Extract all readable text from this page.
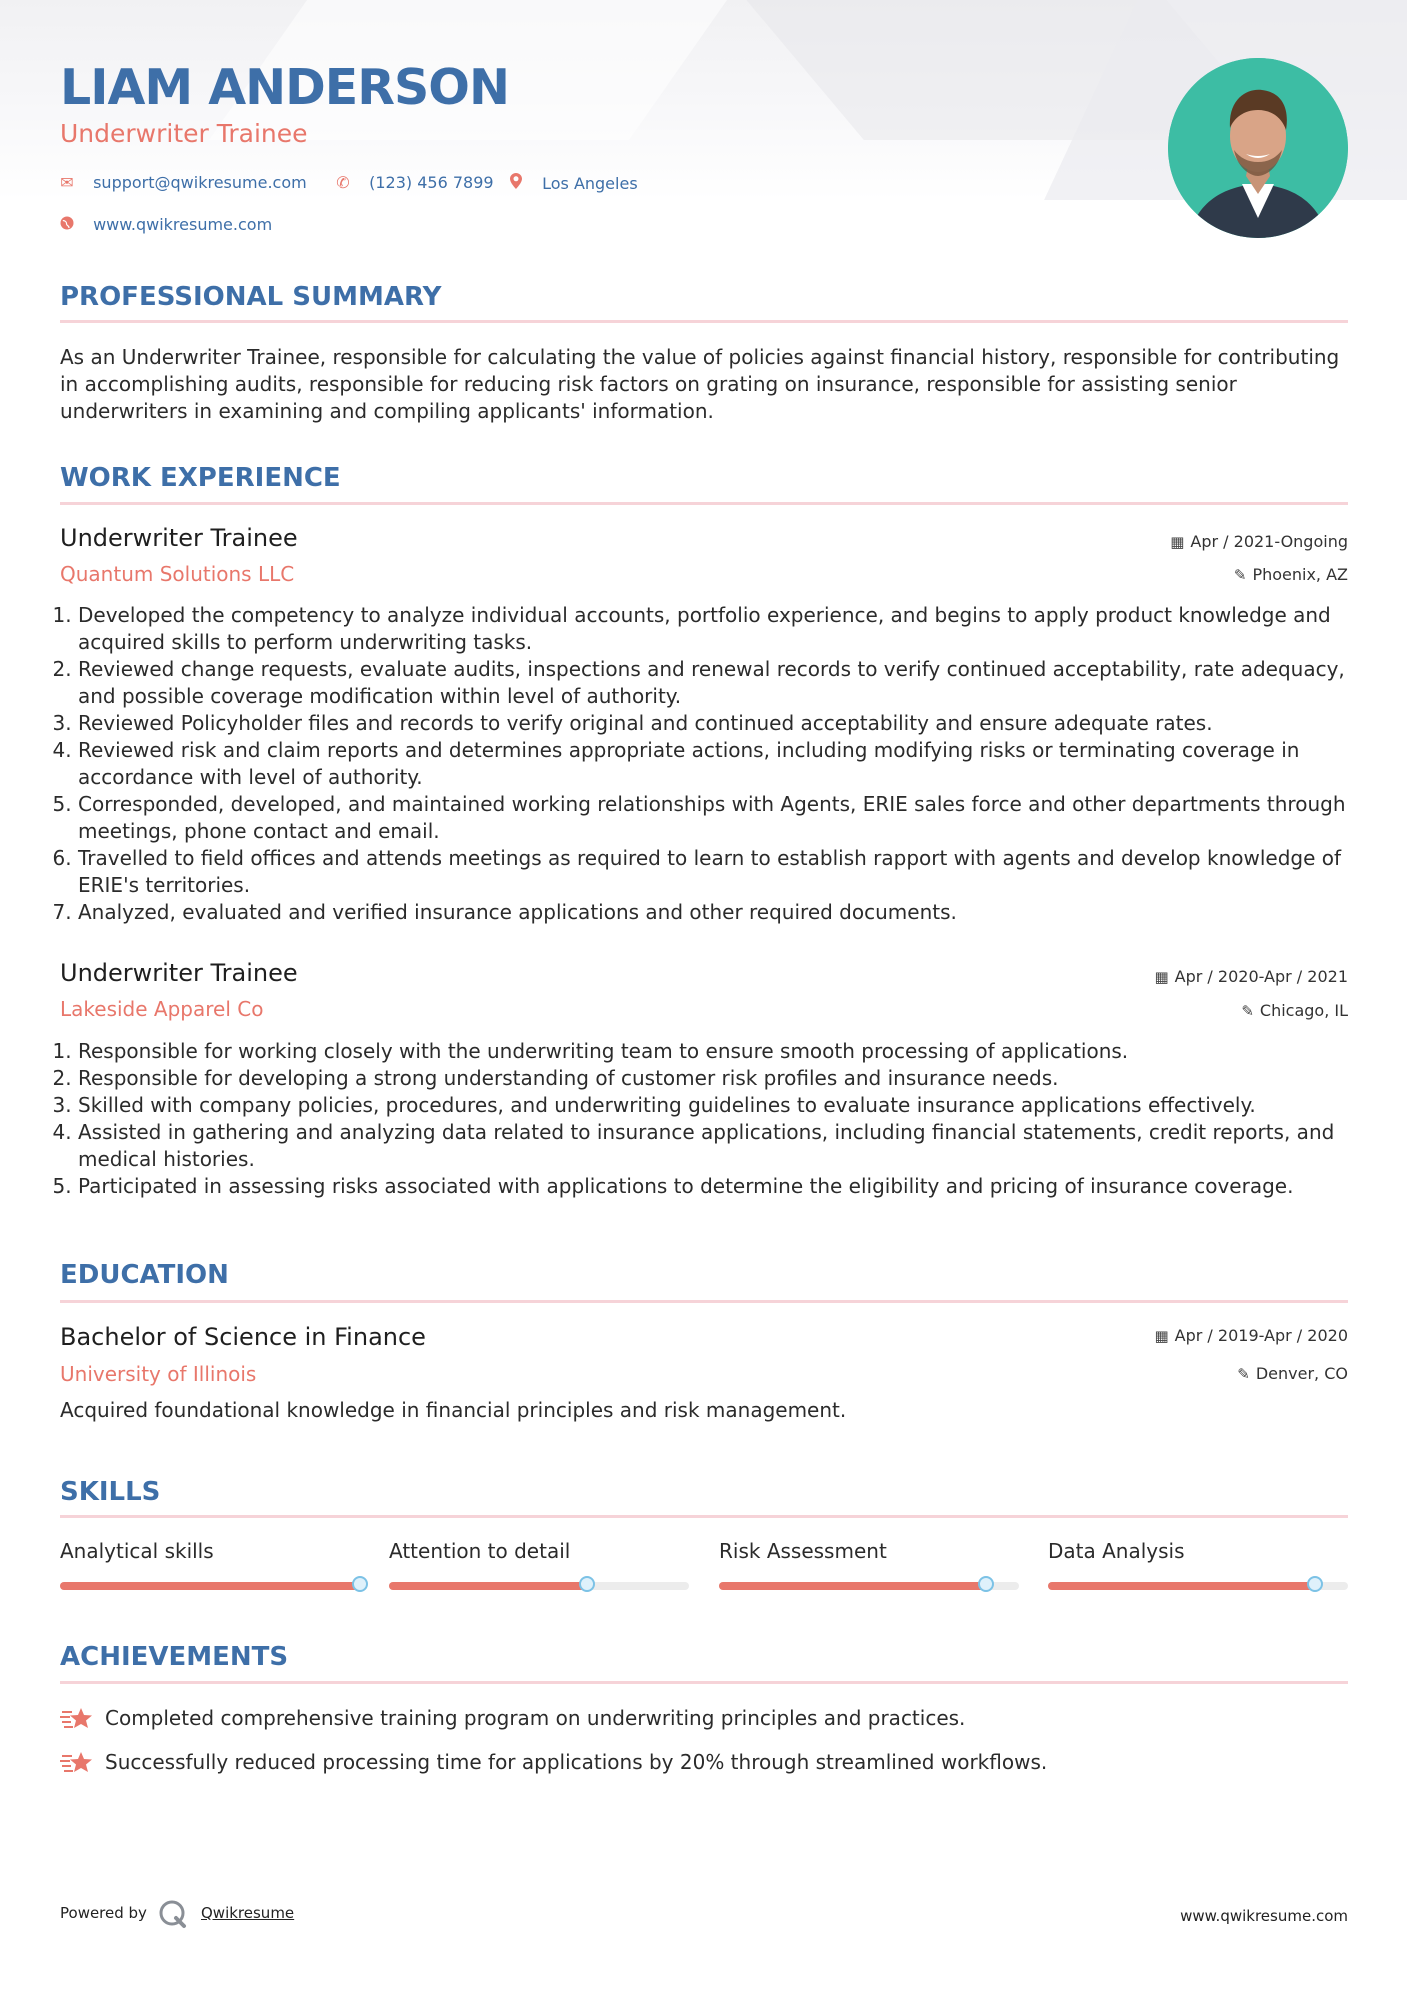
LIAM ANDERSON
Underwriter Trainee
✉ support@qwikresume.com ✆ (123) 456 7899	Los Angeles
www.qwikresume.com
PROFESSIONAL SUMMARY
As an Underwriter Trainee, responsible for calculating the value of policies against financial history, responsible for contributing in accomplishing audits, responsible for reducing risk factors on grating on insurance, responsible for assisting senior underwriters in examining and compiling applicants' information.
WORK EXPERIENCE
Underwriter Trainee
Quantum Solutions LLC
▦ Apr / 2021-Ongoing
✎ Phoenix, AZ
1. Developed the competency to analyze individual accounts, portfolio experience, and begins to apply product knowledge and acquired skills to perform underwriting tasks.
2. Reviewed change requests, evaluate audits, inspections and renewal records to verify continued acceptability, rate adequacy, and possible coverage modification within level of authority.
3. Reviewed Policyholder files and records to verify original and continued acceptability and ensure adequate rates.
4. Reviewed risk and claim reports and determines appropriate actions, including modifying risks or terminating coverage in accordance with level of authority.
5. Corresponded, developed, and maintained working relationships with Agents, ERIE sales force and other departments through meetings, phone contact and email.
6. Travelled to field offices and attends meetings as required to learn to establish rapport with agents and develop knowledge of ERIE's territories.
7. Analyzed, evaluated and verified insurance applications and other required documents.
Underwriter Trainee
Lakeside Apparel Co
▦ Apr / 2020-Apr / 2021
✎ Chicago, IL
1. Responsible for working closely with the underwriting team to ensure smooth processing of applications.
2. Responsible for developing a strong understanding of customer risk profiles and insurance needs.
3. Skilled with company policies, procedures, and underwriting guidelines to evaluate insurance applications effectively.
4. Assisted in gathering and analyzing data related to insurance applications, including financial statements, credit reports, and medical histories.
5. Participated in assessing risks associated with applications to determine the eligibility and pricing of insurance coverage.
EDUCATION
Bachelor of Science in Finance
University of Illinois
▦ Apr / 2019-Apr / 2020
✎ Denver, CO
Acquired foundational knowledge in financial principles and risk management.
SKILLS
Analytical skills	Attention to detail	Risk Assessment	Data Analysis
ACHIEVEMENTS
Completed comprehensive training program on underwriting principles and practices.
Successfully reduced processing time for applications by 20% through streamlined workflows.
Powered by	Qwikresume	www.qwikresume.com
